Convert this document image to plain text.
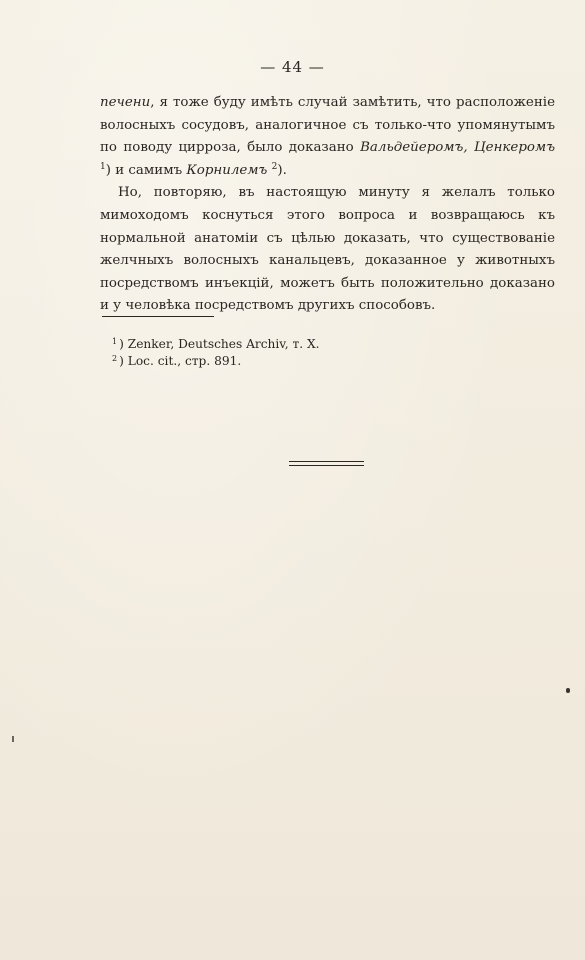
— 44 —

печени, я тоже буду имѣть случай замѣтить, что расположеніе волосныхъ сосудовъ, аналогичное съ только-что упомянутымъ по поводу цирроза, было доказано Вальдейеромъ, Ценкеромъ $^1$) и самимъ Корнилемъ $^2$).

Но, повторяю, въ настоящую минуту я желалъ только мимоходомъ коснуться этого вопроса и возвращаюсь къ нормальной анатоміи съ цѣлью доказать, что существованіе желчныхъ волосныхъ канальцевъ, доказанное у животныхъ посредствомъ инъекцій, можетъ быть положительно доказано и у человѣка посредствомъ другихъ способовъ.

$^1$ ) Zenker, Deutsches Archiv, т. X.
$^2$ ) Loc. cit., стр. 891.
